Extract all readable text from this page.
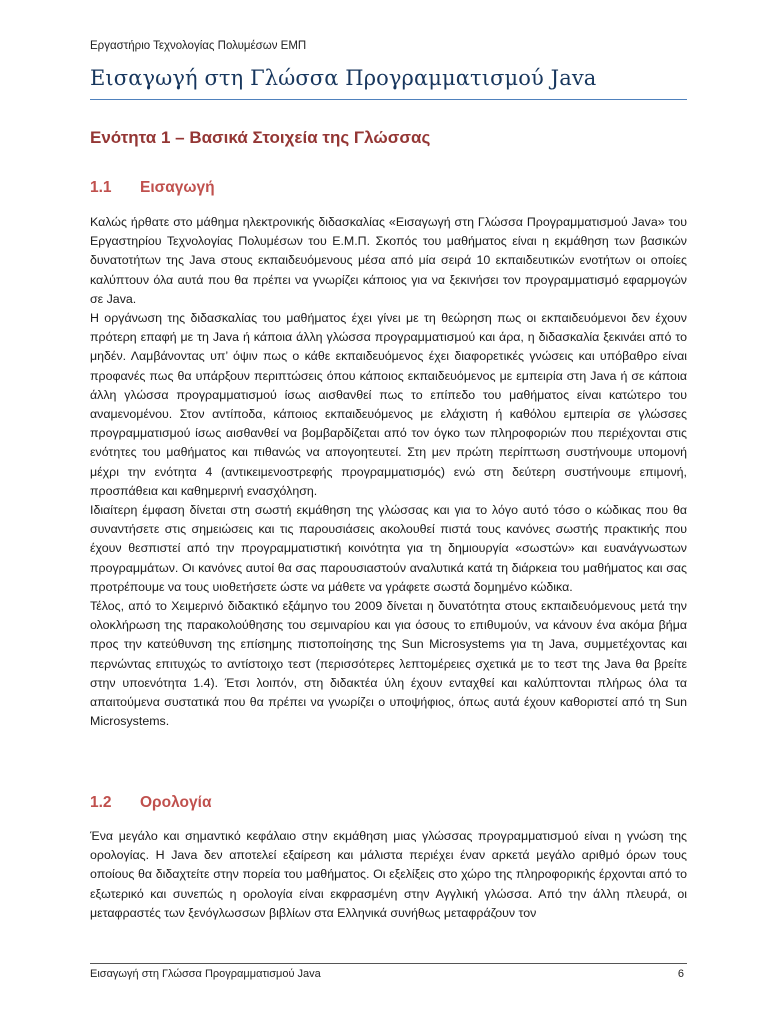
Εργαστήριο Τεχνολογίας Πολυμέσων ΕΜΠ
Εισαγωγή στη Γλώσσα Προγραμματισμού Java
Ενότητα 1 – Βασικά Στοιχεία της Γλώσσας
1.1 Εισαγωγή

Καλώς ήρθατε στο μάθημα ηλεκτρονικής διδασκαλίας «Εισαγωγή στη Γλώσσα Προγραμματισμού Java» του Εργαστηρίου Τεχνολογίας Πολυμέσων του Ε.Μ.Π. Σκοπός του μαθήματος είναι η εκμάθηση των βασικών δυνατοτήτων της Java στους εκπαιδευόμενους μέσα από μία σειρά 10 εκπαιδευτικών ενοτήτων οι οποίες καλύπτουν όλα αυτά που θα πρέπει να γνωρίζει κάποιος για να ξεκινήσει τον προγραμματισμό εφαρμογών σε Java.

Η οργάνωση της διδασκαλίας του μαθήματος έχει γίνει με τη θεώρηση πως οι εκπαιδευόμενοι δεν έχουν πρότερη επαφή με τη Java ή κάποια άλλη γλώσσα προγραμματισμού και άρα, η διδασκαλία ξεκινάει από το μηδέν. Λαμβάνοντας υπ’ όψιν πως ο κάθε εκπαιδευόμενος έχει διαφορετικές γνώσεις και υπόβαθρο είναι προφανές πως θα υπάρξουν περιπτώσεις όπου κάποιος εκπαιδευόμενος με εμπειρία στη Java ή σε κάποια άλλη γλώσσα προγραμματισμού ίσως αισθανθεί πως το επίπεδο του μαθήματος είναι κατώτερο του αναμενομένου. Στον αντίποδα, κάποιος εκπαιδευόμενος με ελάχιστη ή καθόλου εμπειρία σε γλώσσες προγραμματισμού ίσως αισθανθεί να βομβαρδίζεται από τον όγκο των πληροφοριών που περιέχονται στις ενότητες του μαθήματος και πιθανώς να απογοητευτεί. Στη μεν πρώτη περίπτωση συστήνουμε υπομονή μέχρι την ενότητα 4 (αντικειμενοστρεφής προγραμματισμός) ενώ στη δεύτερη συστήνουμε επιμονή, προσπάθεια και καθημερινή ενασχόληση.

Ιδιαίτερη έμφαση δίνεται στη σωστή εκμάθηση της γλώσσας και για το λόγο αυτό τόσο ο κώδικας που θα συναντήσετε στις σημειώσεις και τις παρουσιάσεις ακολουθεί πιστά τους κανόνες σωστής πρακτικής που έχουν θεσπιστεί από την προγραμματιστική κοινότητα για τη δημιουργία «σωστών» και ευανάγνωστων προγραμμάτων. Οι κανόνες αυτοί θα σας παρουσιαστούν αναλυτικά κατά τη διάρκεια του μαθήματος και σας προτρέπουμε να τους υιοθετήσετε ώστε να μάθετε να γράφετε σωστά δομημένο κώδικα.

Τέλος, από το Χειμερινό διδακτικό εξάμηνο του 2009 δίνεται η δυνατότητα στους εκπαιδευόμενους μετά την ολοκλήρωση της παρακολούθησης του σεμιναρίου και για όσους το επιθυμούν, να κάνουν ένα ακόμα βήμα προς την κατεύθυνση της επίσημης πιστοποίησης της Sun Microsystems για τη Java, συμμετέχοντας και περνώντας επιτυχώς το αντίστοιχο τεστ (περισσότερες λεπτομέρειες σχετικά με το τεστ της Java θα βρείτε στην υποενότητα 1.4). Έτσι λοιπόν, στη διδακτέα ύλη έχουν ενταχθεί και καλύπτονται πλήρως όλα τα απαιτούμενα συστατικά που θα πρέπει να γνωρίζει ο υποψήφιος, όπως αυτά έχουν καθοριστεί από τη Sun Microsystems.

1.2 Ορολογία

Ένα μεγάλο και σημαντικό κεφάλαιο στην εκμάθηση μιας γλώσσας προγραμματισμού είναι η γνώση της ορολογίας. Η Java δεν αποτελεί εξαίρεση και μάλιστα περιέχει έναν αρκετά μεγάλο αριθμό όρων τους οποίους θα διδαχτείτε στην πορεία του μαθήματος. Οι εξελίξεις στο χώρο της πληροφορικής έρχονται από το εξωτερικό και συνεπώς η ορολογία είναι εκφρασμένη στην Αγγλική γλώσσα. Από την άλλη πλευρά, οι μεταφραστές των ξενόγλωσσων βιβλίων στα Ελληνικά συνήθως μεταφράζουν τον

Εισαγωγή στη Γλώσσα Προγραμματισμού Java	6
